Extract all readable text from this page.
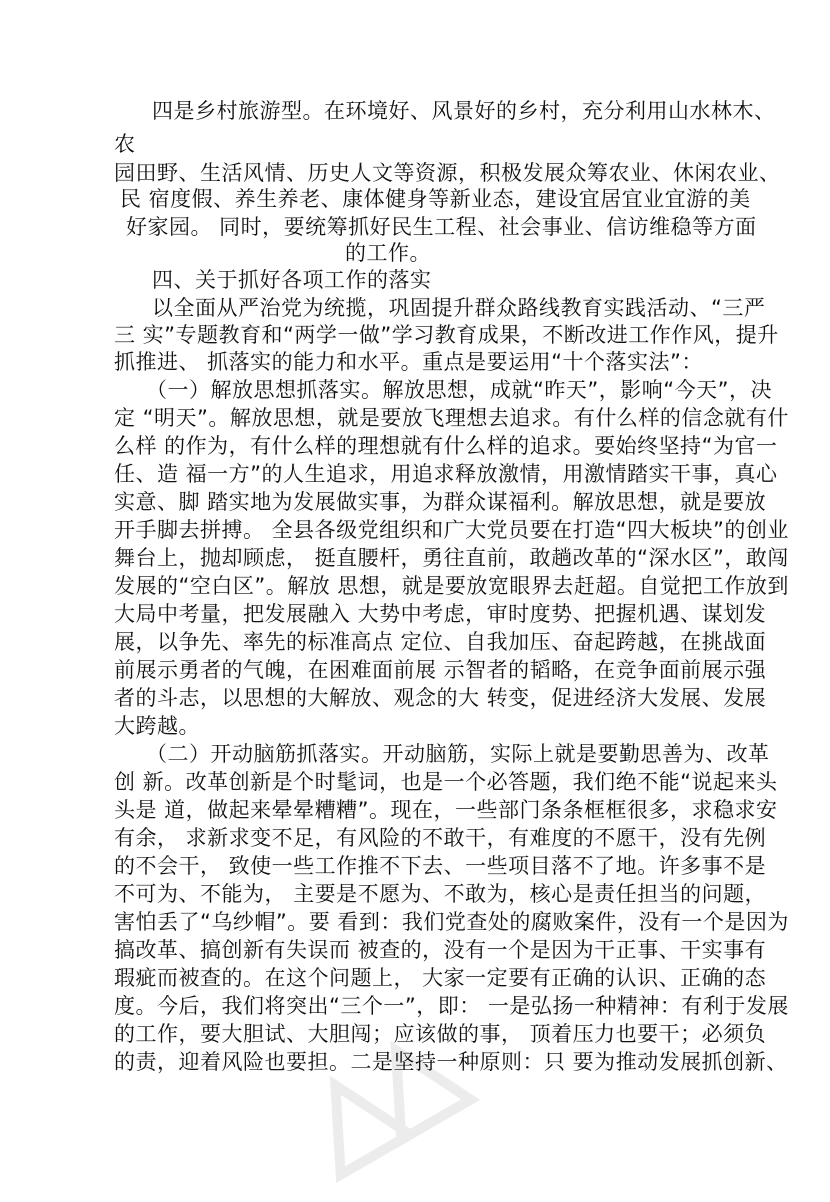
四是乡村旅游型。在环境好、风景好的乡村，充分利用山水林木、
农
园田野、生活风情、历史人文等资源，积极发展众筹农业、休闲农业、
民 宿度假、养生养老、康体健身等新业态，建设宜居宜业宜游的美
好家园。 同时，要统筹抓好民生工程、社会事业、信访维稳等方面
的工作。
四、关于抓好各项工作的落实
以全面从严治党为统揽，巩固提升群众路线教育实践活动、“三严
三 实”专题教育和“两学一做”学习教育成果，不断改进工作作风，提升
抓推进、 抓落实的能力和水平。重点是要运用“十个落实法”：
（一）解放思想抓落实。解放思想，成就“昨天”，影响“今天”，决
定 “明天”。解放思想，就是要放飞理想去追求。有什么样的信念就有什
么样 的作为，有什么样的理想就有什么样的追求。要始终坚持“为官一
任、造 福一方”的人生追求，用追求释放激情，用激情踏实干事，真心
实意、脚 踏实地为发展做实事，为群众谋福利。解放思想，就是要放
开手脚去拼搏。 全县各级党组织和广大党员要在打造“四大板块”的创业
舞台上，抛却顾虑， 挺直腰杆，勇往直前，敢趟改革的“深水区”，敢闯
发展的“空白区”。解放 思想，就是要放宽眼界去赶超。自觉把工作放到
大局中考量，把发展融入 大势中考虑，审时度势、把握机遇、谋划发
展，以争先、率先的标准高点 定位、自我加压、奋起跨越，在挑战面
前展示勇者的气魄，在困难面前展 示智者的韬略，在竞争面前展示强
者的斗志，以思想的大解放、观念的大 转变，促进经济大发展、发展
大跨越。
（二）开动脑筋抓落实。开动脑筋，实际上就是要勤思善为、改革
创 新。改革创新是个时髦词，也是一个必答题，我们绝不能“说起来头
头是 道，做起来晕晕糟糟”。现在，一些部门条条框框很多，求稳求安
有余， 求新求变不足，有风险的不敢干，有难度的不愿干，没有先例
的不会干， 致使一些工作推不下去、一些项目落不了地。许多事不是
不可为、不能为， 主要是不愿为、不敢为，核心是责任担当的问题，
害怕丢了“乌纱帽”。要 看到：我们党查处的腐败案件，没有一个是因为
搞改革、搞创新有失误而 被查的，没有一个是因为干正事、干实事有
瑕疵而被查的。在这个问题上， 大家一定要有正确的认识、正确的态
度。今后，我们将突出“三个一”，即： 一是弘扬一种精神：有利于发展
的工作，要大胆试、大胆闯；应该做的事， 顶着压力也要干；必须负
的责，迎着风险也要担。二是坚持一种原则：只 要为推动发展抓创新、
